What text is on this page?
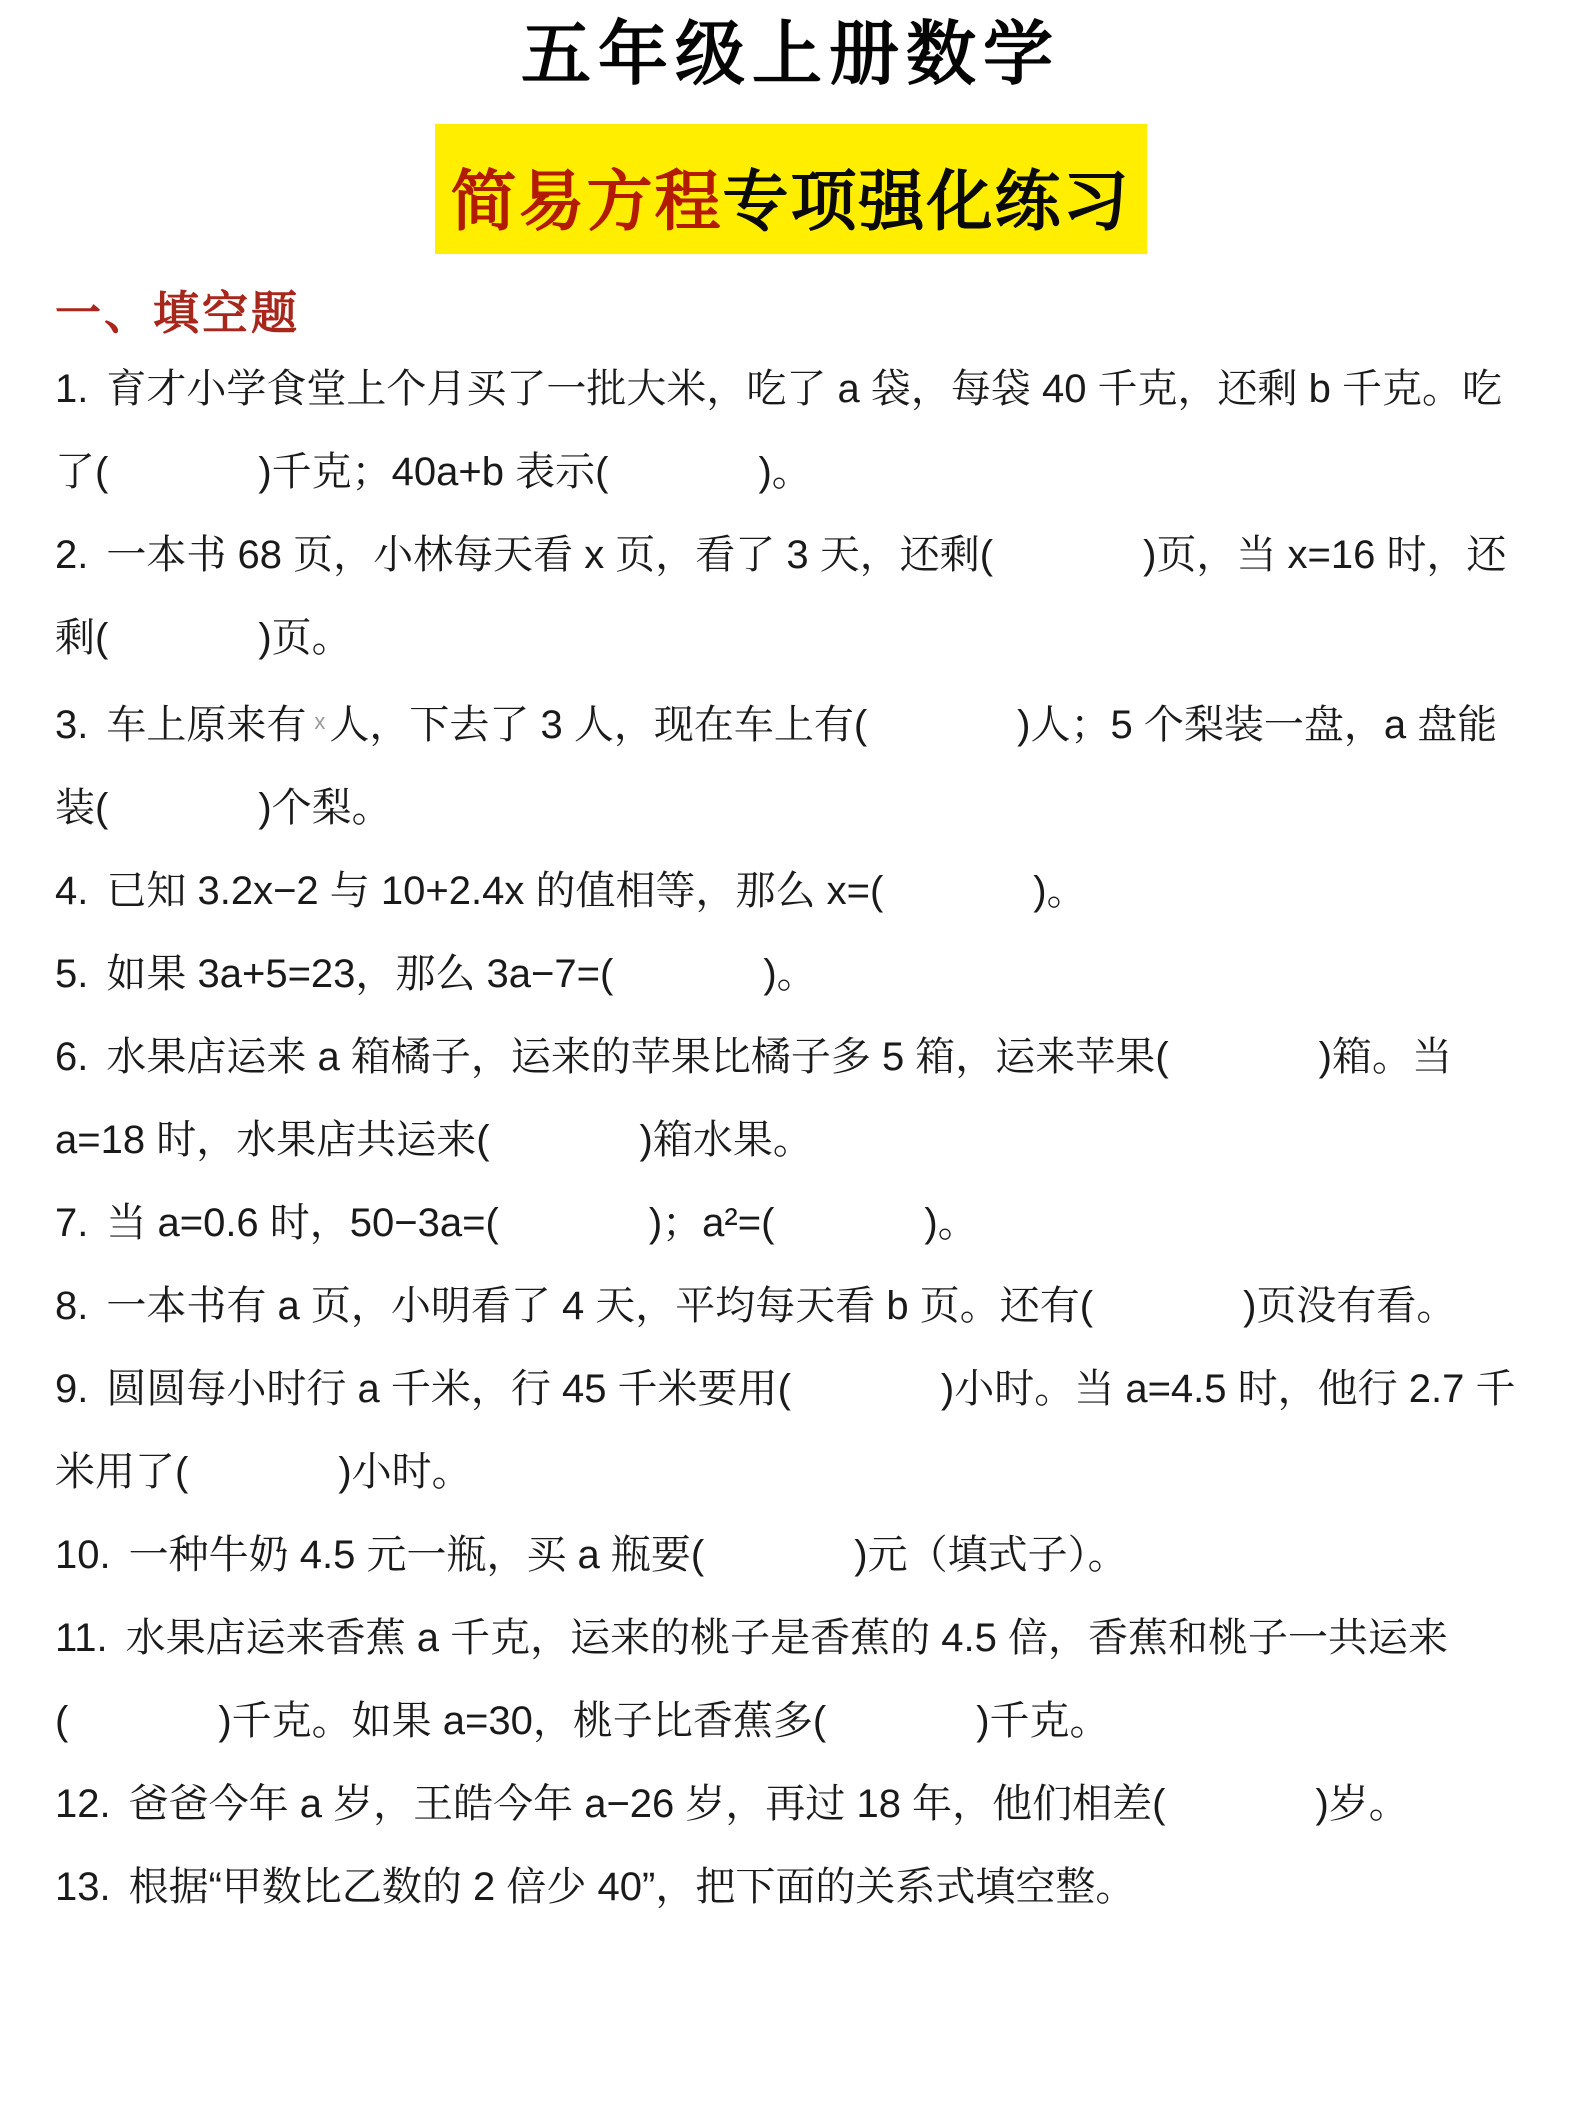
五年级上册数学
简易方程专项强化练习
一、填空题

1. 育才小学食堂上个月买了一批大米，吃了 a 袋，每袋 40 千克，还剩 b 千克。吃了(	)千克；40a+b 表示(	)。

2. 一本书 68 页，小林每天看 x 页，看了 3 天，还剩(	)页，当 x=16 时，还剩(	)页。

3. 车上原来有 $^x$ 人，下去了 3 人，现在车上有(	)人；5 个梨装一盘，a 盘能装(	)个梨。

4. 已知 3.2x−2 与 10+2.4x 的值相等，那么 x=(	)。

5. 如果 3a+5=23，那么 3a−7=(	)。

6. 水果店运来 a 箱橘子，运来的苹果比橘子多 5 箱，运来苹果(	)箱。当 a=18 时，水果店共运来(	)箱水果。

7. 当 a=0.6 时，50−3a=(	)；a²=(	)。

8. 一本书有 a 页，小明看了 4 天，平均每天看 b 页。还有(	)页没有看。

9. 圆圆每小时行 a 千米，行 45 千米要用(	)小时。当 a=4.5 时，他行 2.7 千米用了(	)小时。

10. 一种牛奶 4.5 元一瓶，买 a 瓶要(	)元（填式子）。

11. 水果店运来香蕉 a 千克，运来的桃子是香蕉的 4.5 倍，香蕉和桃子一共运来(	)千克。如果 a=30，桃子比香蕉多(	)千克。

12. 爸爸今年 a 岁，王皓今年 a−26 岁，再过 18 年，他们相差(	)岁。

13. 根据“甲数比乙数的 2 倍少 40”，把下面的关系式填空整。
